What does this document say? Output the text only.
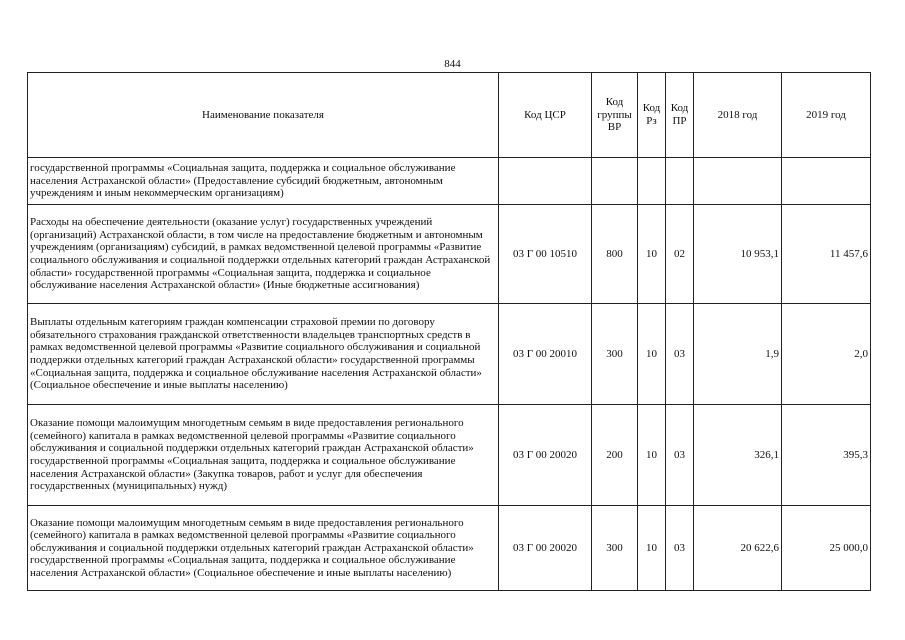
844
Наименование показателя	Код ЦСР	Код группы ВР	Код Рз	Код ПР	2018 год	2019 год
государственной программы «Социальная защита, поддержка и социальное обслуживание населения Астраханской области» (Предоставление субсидий бюджетным, автономным учреждениям и иным некоммерческим организациям)						
Расходы на обеспечение деятельности (оказание услуг) государственных учреждений (организаций) Астраханской области, в том числе на предоставление бюджетным и автономным учреждениям (организациям) субсидий, в рамках ведомственной целевой программы «Развитие социального обслуживания и социальной поддержки отдельных категорий граждан Астраханской области» государственной программы «Социальная защита, поддержка и социальное обслуживание населения Астраханской области» (Иные бюджетные ассигнования)	03 Г 00 10510	800	10	02	10 953,1	11 457,6
Выплаты отдельным категориям граждан компенсации страховой премии по договору обязательного страхования гражданской ответственности владельцев транспортных средств в рамках ведомственной целевой программы «Развитие социального обслуживания и социальной поддержки отдельных категорий граждан Астраханской области» государственной программы «Социальная защита, поддержка и социальное обслуживание населения Астраханской области» (Социальное обеспечение и иные выплаты населению)	03 Г 00 20010	300	10	03	1,9	2,0
Оказание помощи малоимущим многодетным семьям в виде предоставления регионального (семейного) капитала в рамках ведомственной целевой программы «Развитие социального обслуживания и социальной поддержки отдельных категорий граждан Астраханской области» государственной программы «Социальная защита, поддержка и социальное обслуживание населения Астраханской области» (Закупка товаров, работ и услуг для обеспечения государственных (муниципальных) нужд)	03 Г 00 20020	200	10	03	326,1	395,3
Оказание помощи малоимущим многодетным семьям в виде предоставления регионального (семейного) капитала в рамках ведомственной целевой программы «Развитие социального обслуживания и социальной поддержки отдельных категорий граждан Астраханской области» государственной программы «Социальная защита, поддержка и социальное обслуживание населения Астраханской области» (Социальное обеспечение и иные выплаты населению)	03 Г 00 20020	300	10	03	20 622,6	25 000,0
